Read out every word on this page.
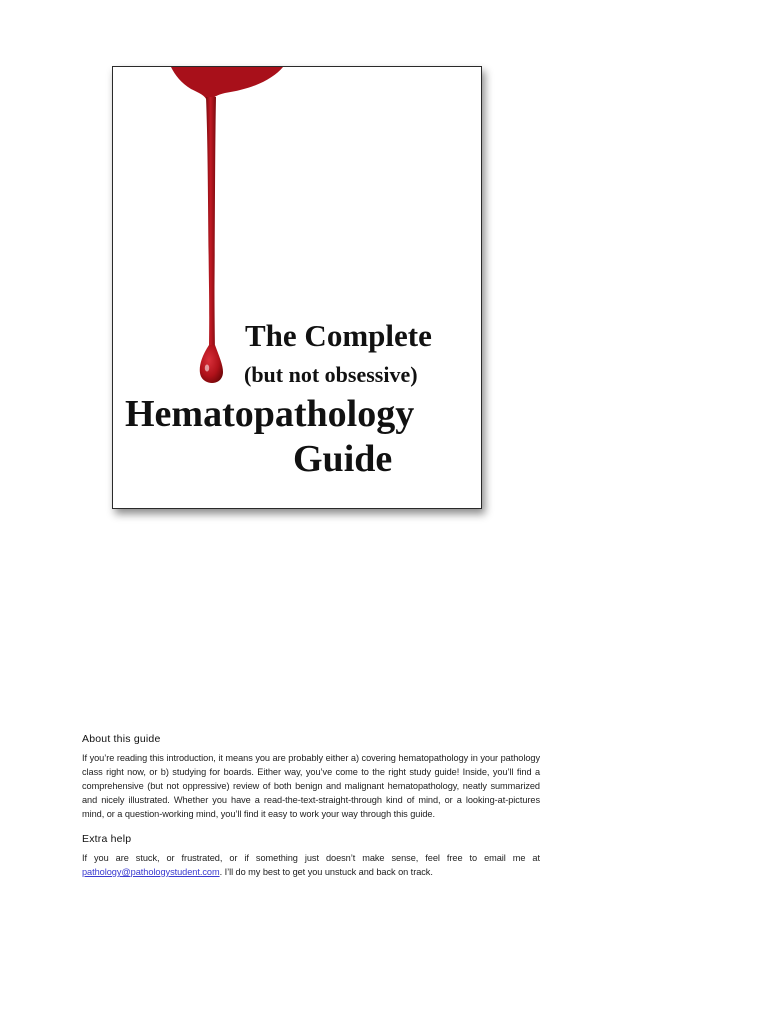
The Complete
(but not obsessive)
Hematopathology
Guide
About this guide

If you’re reading this introduction, it means you are probably either a) covering hematopathology in your pathology class right now, or b) studying for boards. Either way, you’ve come to the right study guide! Inside, you’ll find a comprehensive (but not oppressive) review of both benign and malignant hematopathology, neatly summarized and nicely illustrated. Whether you have a read-the-text-straight-through kind of mind, or a looking-at-pictures mind, or a question-working mind, you’ll find it easy to work your way through this guide.

Extra help

If you are stuck, or frustrated, or if something just doesn’t make sense, feel free to email me at pathology@pathologystudent.com. I’ll do my best to get you unstuck and back on track.
